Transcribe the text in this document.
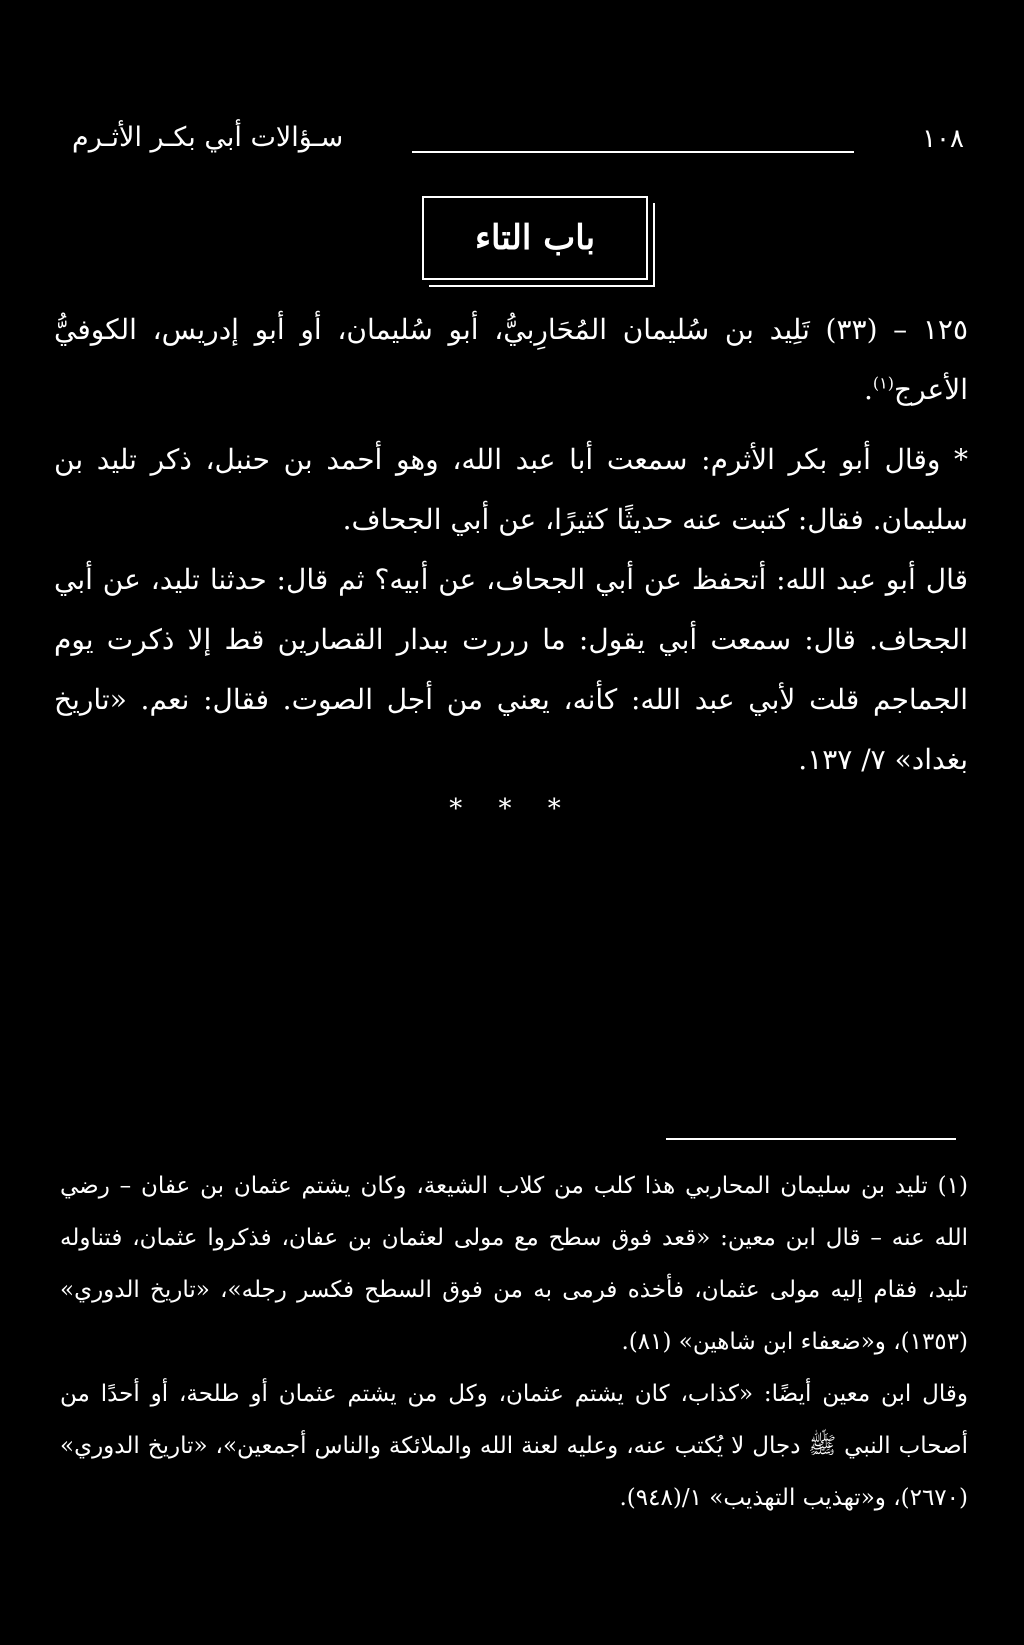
١٠٨
سـؤالات أبي بكـر الأثـرم
باب التاء

١٢٥ – (٣٣) تَلِيد بن سُليمان المُحَارِبيُّ، أبو سُليمان، أو أبو إدريس، الكوفيُّ الأعرج$^{(١)}$.

* وقال أبو بكر الأثرم: سمعت أبا عبد الله، وهو أحمد بن حنبل، ذكر تليد بن سليمان. فقال: كتبت عنه حديثًا كثيرًا، عن أبي الجحاف.

قال أبو عبد الله: أتحفظ عن أبي الجحاف، عن أبيه؟ ثم قال: حدثنا تليد، عن أبي الجحاف. قال: سمعت أبي يقول: ما رررت ببدار القصارين قط إلا ذكرت يوم الجماجم قلت لأبي عبد الله: كأنه، يعني من أجل الصوت. فقال: نعم. «تاريخ بغداد» ٧/ ١٣٧.

* * *

(١) تليد بن سليمان المحاربي هذا كلب من كلاب الشيعة، وكان يشتم عثمان بن عفان – رضي الله عنه – قال ابن معين: «قعد فوق سطح مع مولى لعثمان بن عفان، فذكروا عثمان، فتناوله تليد، فقام إليه مولى عثمان، فأخذه فرمى به من فوق السطح فكسر رجله»، «تاريخ الدوري» (١٣٥٣)، و«ضعفاء ابن شاهين» (٨١).

وقال ابن معين أيضًا: «كذاب، كان يشتم عثمان، وكل من يشتم عثمان أو طلحة، أو أحدًا من أصحاب النبي ﷺ دجال لا يُكتب عنه، وعليه لعنة الله والملائكة والناس أجمعين»، «تاريخ الدوري» (٢٦٧٠)، و«تهذيب التهذيب» ١/(٩٤٨).
